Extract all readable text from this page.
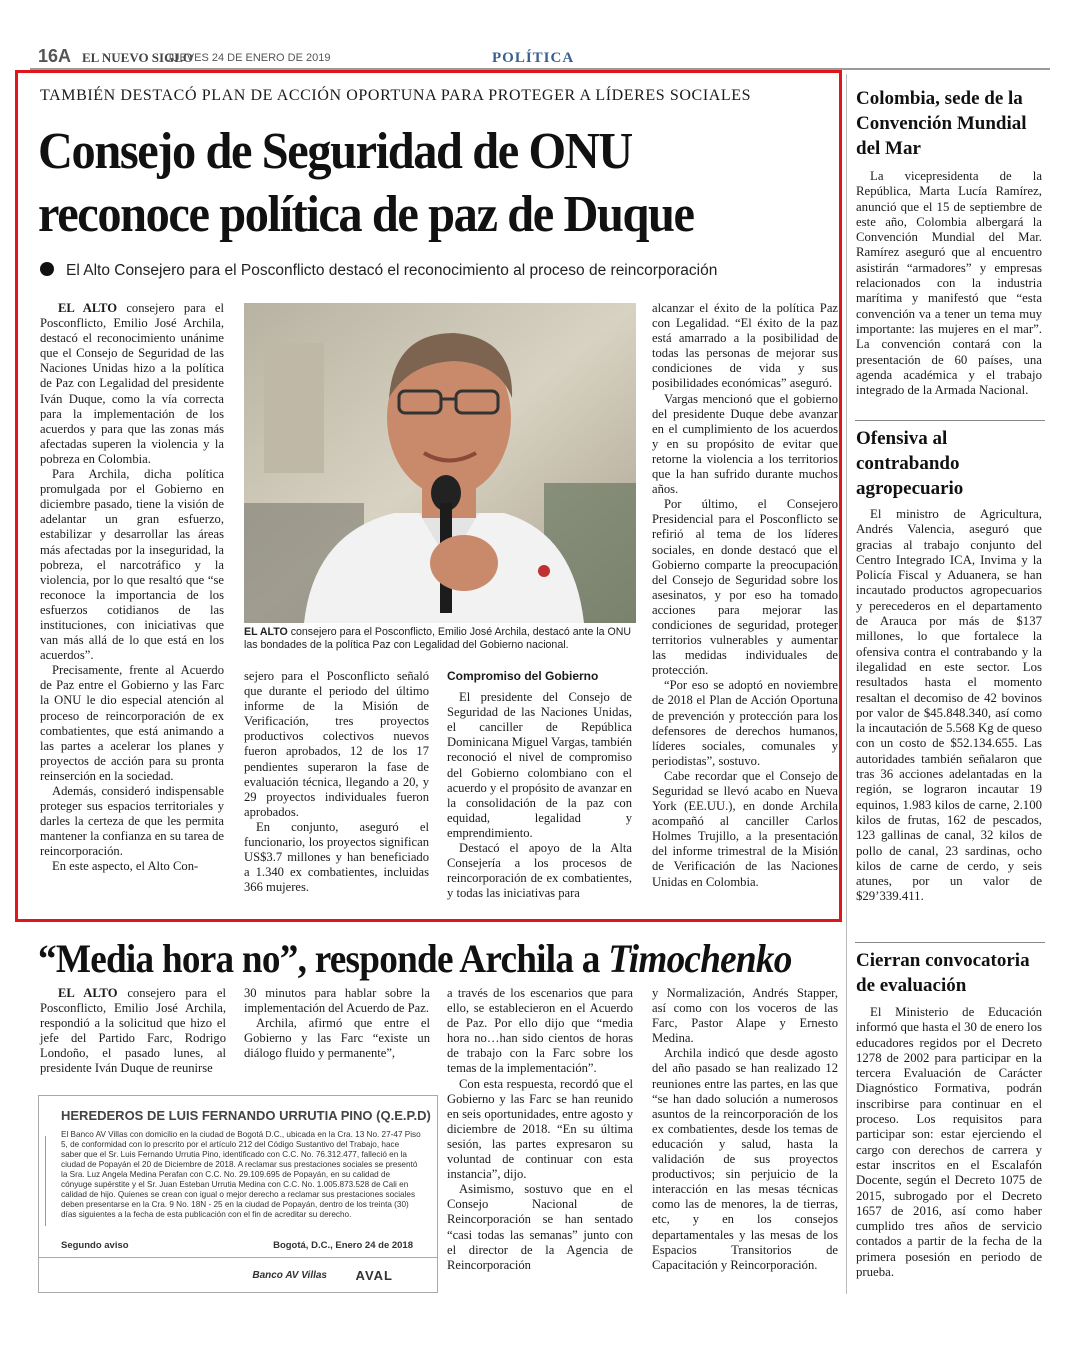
16A EL NUEVO SIGLO
JUEVES 24 DE ENERO DE 2019	POLÍTICA
TAMBIÉN DESTACÓ PLAN DE ACCIÓN OPORTUNA PARA PROTEGER A LÍDERES SOCIALES
Consejo de Seguridad de ONU
reconoce política de paz de Duque
El Alto Consejero para el Posconflicto destacó el reconocimiento al proceso de reincorporación

EL ALTO consejero para el Posconflicto, Emilio José Archila, destacó el reconocimiento unánime que el Consejo de Seguridad de las Naciones Unidas hizo a la política de Paz con Legalidad del presidente Iván Duque, como la vía correcta para la implementación de los acuerdos y para que las zonas más afectadas superen la violencia y la pobreza en Colombia.

Para Archila, dicha política promulgada por el Gobierno en diciembre pasado, tiene la visión de adelantar un gran esfuerzo, estabilizar y desarrollar las áreas más afectadas por la inseguridad, la pobreza, el narcotráfico y la violencia, por lo que resaltó que “se reconoce la importancia de los esfuerzos cotidianos de las instituciones, con iniciativas que van más allá de lo que está en los acuerdos”.

Precisamente, frente al Acuerdo de Paz entre el Gobierno y las Farc la ONU le dio especial atención al proceso de reincorporación de ex combatientes, que está animando a las partes a acelerar los planes y proyectos de acción para su pronta reinserción en la sociedad.

Además, consideró indispensable proteger sus espacios territoriales y darles la certeza de que les permita mantener la confianza en su tarea de reincorporación.

En este aspecto, el Alto Con-

EL ALTO consejero para el Posconflicto, Emilio José Archila, destacó ante la ONU las bondades de la política Paz con Legalidad del Gobierno nacional.

sejero para el Posconflicto señaló que durante el periodo del último informe de la Misión de Verificación, tres proyectos productivos colectivos nuevos fueron aprobados, 12 de los 17 pendientes superaron la fase de evaluación técnica, llegando a 20, y 29 proyectos individuales fueron aprobados.

En conjunto, aseguró el funcionario, los proyectos significan US$3.7 millones y han beneficiado a 1.340 ex combatientes, incluidas 366 mujeres.

Compromiso del Gobierno

El presidente del Consejo de Seguridad de las Naciones Unidas, el canciller de República Dominicana Miguel Vargas, también reconoció el nivel de compromiso del Gobierno colombiano con el acuerdo y el propósito de avanzar en la consolidación de la paz con equidad, legalidad y emprendimiento.

Destacó el apoyo de la Alta Consejería a los procesos de reincorporación de ex combatientes, y todas las iniciativas para

alcanzar el éxito de la política Paz con Legalidad. “El éxito de la paz está amarrado a la posibilidad de todas las personas de mejorar sus condiciones de vida y sus posibilidades económicas” aseguró.

Vargas mencionó que el gobierno del presidente Duque debe avanzar en el cumplimiento de los acuerdos y en su propósito de evitar que retorne la violencia a los territorios que la han sufrido durante muchos años.

Por último, el Consejero Presidencial para el Posconflicto se refirió al tema de los líderes sociales, en donde destacó que el Gobierno comparte la preocupación del Consejo de Seguridad sobre los asesinatos, y por eso ha tomado acciones para mejorar las condiciones de seguridad, proteger territorios vulnerables y aumentar las medidas individuales de protección.

“Por eso se adoptó en noviembre de 2018 el Plan de Acción Oportuna de prevención y protección para los defensores de derechos humanos, líderes sociales, comunales y periodistas”, sostuvo.

Cabe recordar que el Consejo de Seguridad se llevó acabo en Nueva York (EE.UU.), en donde Archila acompañó al canciller Carlos Holmes Trujillo, a la presentación del informe trimestral de la Misión de Verificación de las Naciones Unidas en Colombia.

Colombia, sede de la Convención Mundial del Mar

La vicepresidenta de la República, Marta Lucía Ramírez, anunció que el 15 de septiembre de este año, Colombia albergará la Convención Mundial del Mar. Ramírez aseguró que al encuentro asistirán “armadores” y empresas relacionados con la industria marítima y manifestó que “esta convención va a tener un tema muy importante: las mujeres en el mar”. La convención contará con la presentación de 60 países, una agenda académica y el trabajo integrado de la Armada Nacional.

Ofensiva al contrabando agropecuario

El ministro de Agricultura, Andrés Valencia, aseguró que gracias al trabajo conjunto del Centro Integrado ICA, Invima y la Policía Fiscal y Aduanera, se han incautado productos agropecuarios y perecederos en el departamento de Arauca por más de $137 millones, lo que fortalece la ofensiva contra el contrabando y la ilegalidad en este sector. Los resultados hasta el momento resaltan el decomiso de 42 bovinos por valor de $45.848.340, así como la incautación de 5.568 Kg de queso con un costo de $52.134.655. Las autoridades también señalaron que tras 36 acciones adelantadas en la región, se lograron incautar 19 equinos, 1.983 kilos de carne, 2.100 kilos de frutas, 162 de pescados, 123 gallinas de canal, 32 kilos de pollo de canal, 23 sardinas, ocho kilos de carne de cerdo, y seis atunes, por un valor de $29’339.411.

Cierran convocatoria de evaluación

El Ministerio de Educación informó que hasta el 30 de enero los educadores regidos por el Decreto 1278 de 2002 para participar en la tercera Evaluación de Carácter Diagnóstico Formativa, podrán inscribirse para continuar en el proceso. Los requisitos para participar son: estar ejerciendo el cargo con derechos de carrera y estar inscritos en el Escalafón Docente, según el Decreto 1075 de 2015, subrogado por el Decreto 1657 de 2016, así como haber cumplido tres años de servicio contados a partir de la fecha de la primera posesión en periodo de prueba.

“Media hora no”, responde Archila a Timochenko

EL ALTO consejero para el Posconflicto, Emilio José Archila, respondió a la solicitud que hizo el jefe del Partido Farc, Rodrigo Londoño, el pasado lunes, al presidente Iván Duque de reunirse

30 minutos para hablar sobre la implementación del Acuerdo de Paz.

Archila, afirmó que entre el Gobierno y las Farc “existe un diálogo fluido y permanente”,

a través de los escenarios que para ello, se establecieron en el Acuerdo de Paz. Por ello dijo que “media hora no…han sido cientos de horas de trabajo con la Farc sobre los temas de la implementación”.

Con esta respuesta, recordó que el Gobierno y las Farc se han reunido en seis oportunidades, entre agosto y diciembre de 2018. “En su última sesión, las partes expresaron su voluntad de continuar con esta instancia”, dijo.

Asimismo, sostuvo que en el Consejo Nacional de Reincorporación se han sentado “casi todas las semanas” junto con el director de la Agencia de Reincorporación

y Normalización, Andrés Stapper, así como con los voceros de las Farc, Pastor Alape y Ernesto Medina.

Archila indicó que desde agosto del año pasado se han realizado 12 reuniones entre las partes, en las que “se han dado solución a numerosos asuntos de la reincorporación de los ex combatientes, desde los temas de educación y salud, hasta la validación de sus proyectos productivos; sin perjuicio de la interacción en las mesas técnicas como las de menores, la de tierras, etc, y en los consejos departamentales y las mesas de los Espacios Transitorios de Capacitación y Reincorporación.

HEREDEROS DE LUIS FERNANDO URRUTIA PINO (Q.E.P.D)
El Banco AV Villas con domicilio en la ciudad de Bogotá D.C., ubicada en la Cra. 13 No. 27-47 Piso 5, de conformidad con lo prescrito por el artículo 212 del Código Sustantivo del Trabajo, hace saber que el Sr. Luis Fernando Urrutia Pino, identificado con C.C. No. 76.312.477, falleció en la ciudad de Popayán el 20 de Diciembre de 2018. A reclamar sus prestaciones sociales se presentó la Sra. Luz Angela Medina Perafan con C.C. No. 29.109.695 de Popayán, en su calidad de cónyuge supérstite y el Sr. Juan Esteban Urrutia Medina con C.C. No. 1.005.873.528 de Cali en calidad de hijo. Quienes se crean con igual o mejor derecho a reclamar sus prestaciones sociales deben presentarse en la Cra. 9 No. 18N - 25 en la ciudad de Popayán, dentro de los treinta (30) días siguientes a la fecha de esta publicación con el fin de acreditar su derecho.
Segundo aviso	Bogotá, D.C., Enero 24 de 2018
Banco AV Villas AVAL
